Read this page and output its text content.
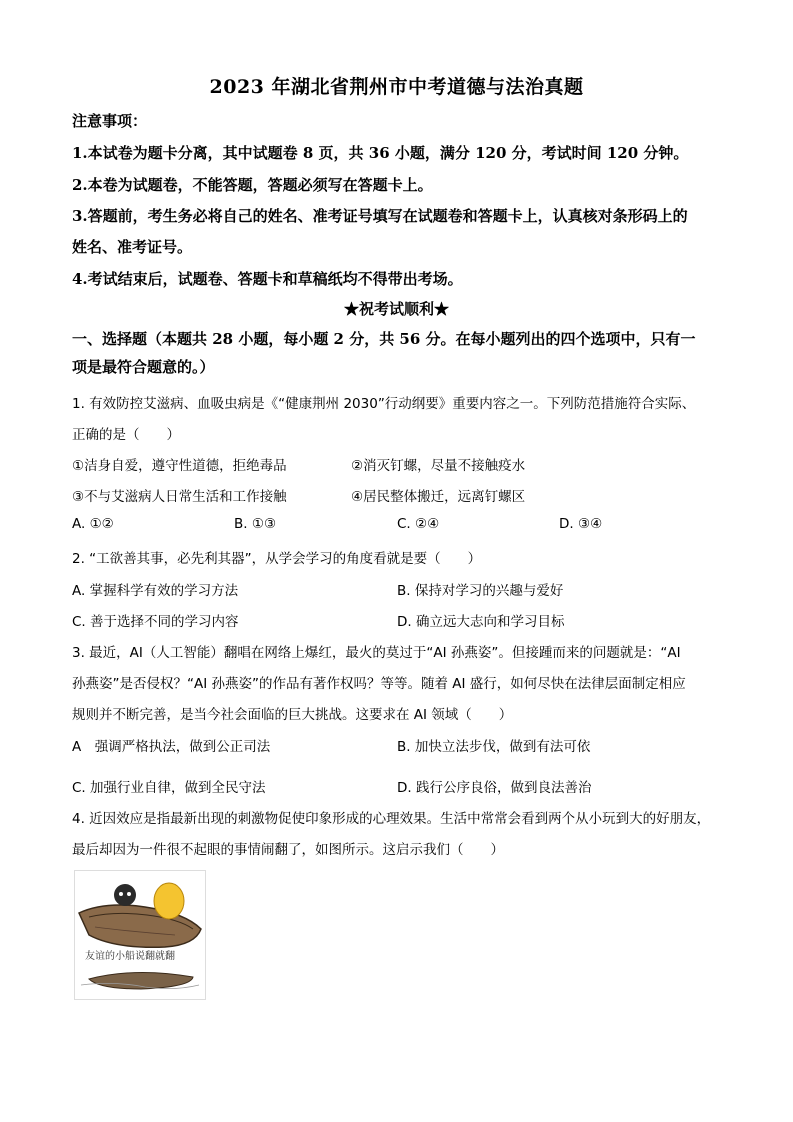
2023 年湖北省荆州市中考道德与法治真题
注意事项：
1.本试卷为题卡分离，其中试题卷 8 页，共 36 小题，满分 120 分，考试时间 120 分钟。
2.本卷为试题卷，不能答题，答题必须写在答题卡上。
3.答题前，考生务必将自己的姓名、准考证号填写在试题卷和答题卡上，认真核对条形码上的
姓名、准考证号。
4.考试结束后，试题卷、答题卡和草稿纸均不得带出考场。
★祝考试顺利★
一、选择题（本题共 28 小题，每小题 2 分，共 56 分。在每小题列出的四个选项中，只有一
项是最符合题意的。）
1. 有效防控艾滋病、血吸虫病是《“健康荆州 2030”行动纲要》重要内容之一。下列防范措施符合实际、
正确的是（　　）
①洁身自爱，遵守性道德，拒绝毒品	②消灭钉螺，尽量不接触疫水
③不与艾滋病人日常生活和工作接触	④居民整体搬迁，远离钉螺区
A. ①②	B. ①③	C. ②④	D. ③④
2. “工欲善其事，必先利其器”，从学会学习的角度看就是要（　　）
A. 掌握科学有效的学习方法	B. 保持对学习的兴趣与爱好
C. 善于选择不同的学习内容	D. 确立远大志向和学习目标
3. 最近，AI（人工智能）翻唱在网络上爆红，最火的莫过于“AI 孙燕姿”。但接踵而来的问题就是：“AI
孙燕姿”是否侵权？“AI 孙燕姿”的作品有著作权吗？等等。随着 AI 盛行，如何尽快在法律层面制定相应
规则并不断完善，是当今社会面临的巨大挑战。这要求在 AI 领域（　　）
A　强调严格执法，做到公正司法	B. 加快立法步伐，做到有法可依
C. 加强行业自律，做到全民守法	D. 践行公序良俗，做到良法善治
4. 近因效应是指最新出现的刺激物促使印象形成的心理效果。生活中常常会看到两个从小玩到大的好朋友，
最后却因为一件很不起眼的事情闹翻了，如图所示。这启示我们（　　）
友谊的小船说翻就翻
